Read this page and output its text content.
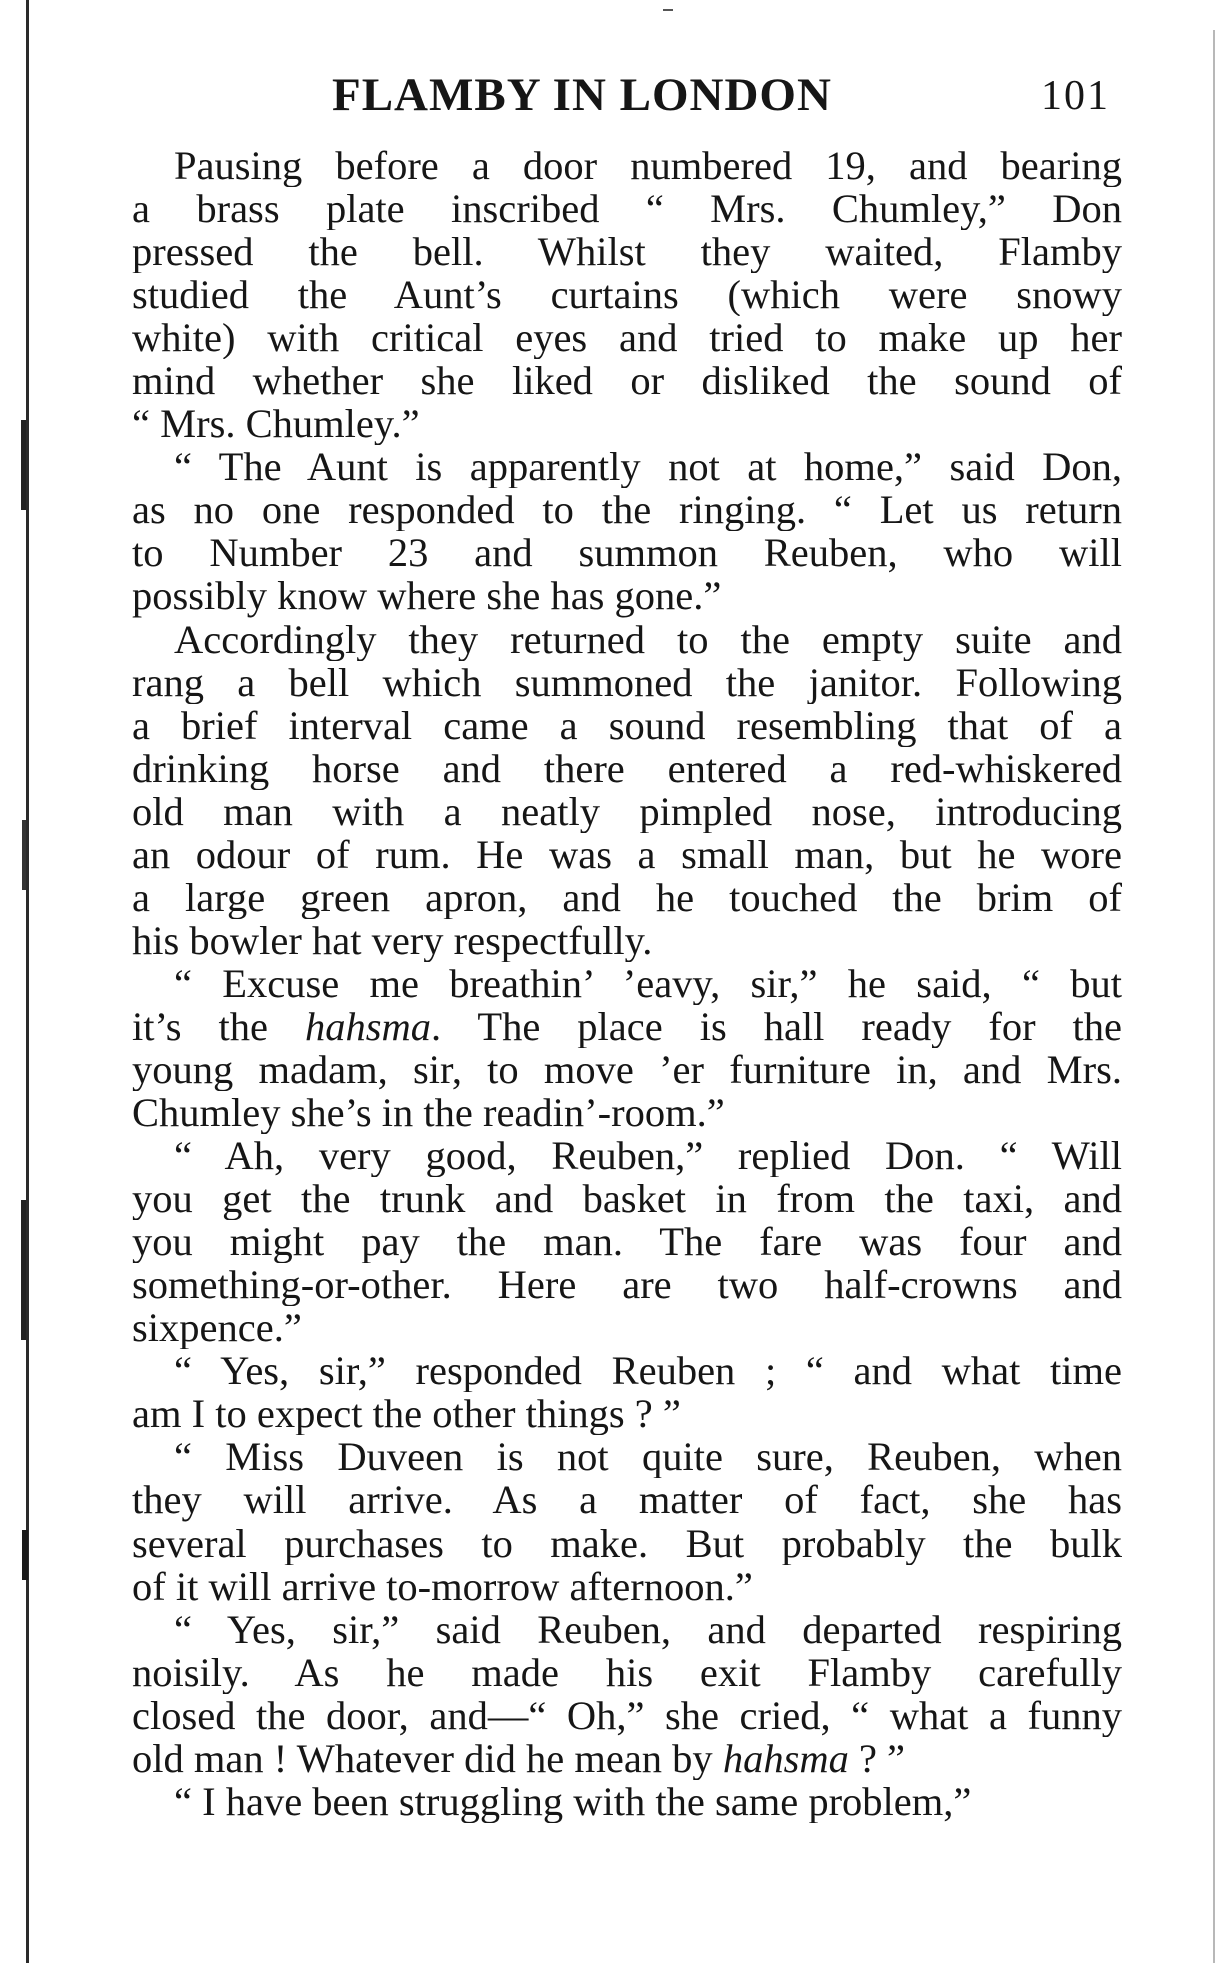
FLAMBY IN LONDON	101
Pausing before a door numbered 19, and bearing
a brass plate inscribed “ Mrs. Chumley,” Don
pressed the bell. Whilst they waited, Flamby
studied the Aunt’s curtains (which were snowy
white) with critical eyes and tried to make up her
mind whether she liked or disliked the sound of
“ Mrs. Chumley.”
“ The Aunt is apparently not at home,” said Don,
as no one responded to the ringing. “ Let us return
to Number 23 and summon Reuben, who will
possibly know where she has gone.”
Accordingly they returned to the empty suite and
rang a bell which summoned the janitor. Following
a brief interval came a sound resembling that of a
drinking horse and there entered a red-whiskered
old man with a neatly pimpled nose, introducing
an odour of rum. He was a small man, but he wore
a large green apron, and he touched the brim of
his bowler hat very respectfully.
“ Excuse me breathin’ ’eavy, sir,” he said, “ but
it’s the hahsma. The place is hall ready for the
young madam, sir, to move ’er furniture in, and Mrs.
Chumley she’s in the readin’-room.”
“ Ah, very good, Reuben,” replied Don. “ Will
you get the trunk and basket in from the taxi, and
you might pay the man. The fare was four and
something-or-other. Here are two half-crowns and
sixpence.”
“ Yes, sir,” responded Reuben ; “ and what time
am I to expect the other things ? ”
“ Miss Duveen is not quite sure, Reuben, when
they will arrive. As a matter of fact, she has
several purchases to make. But probably the bulk
of it will arrive to-morrow afternoon.”
“ Yes, sir,” said Reuben, and departed respiring
noisily. As he made his exit Flamby carefully
closed the door, and—“ Oh,” she cried, “ what a funny
old man ! Whatever did he mean by hahsma ? ”
“ I have been struggling with the same problem,”
